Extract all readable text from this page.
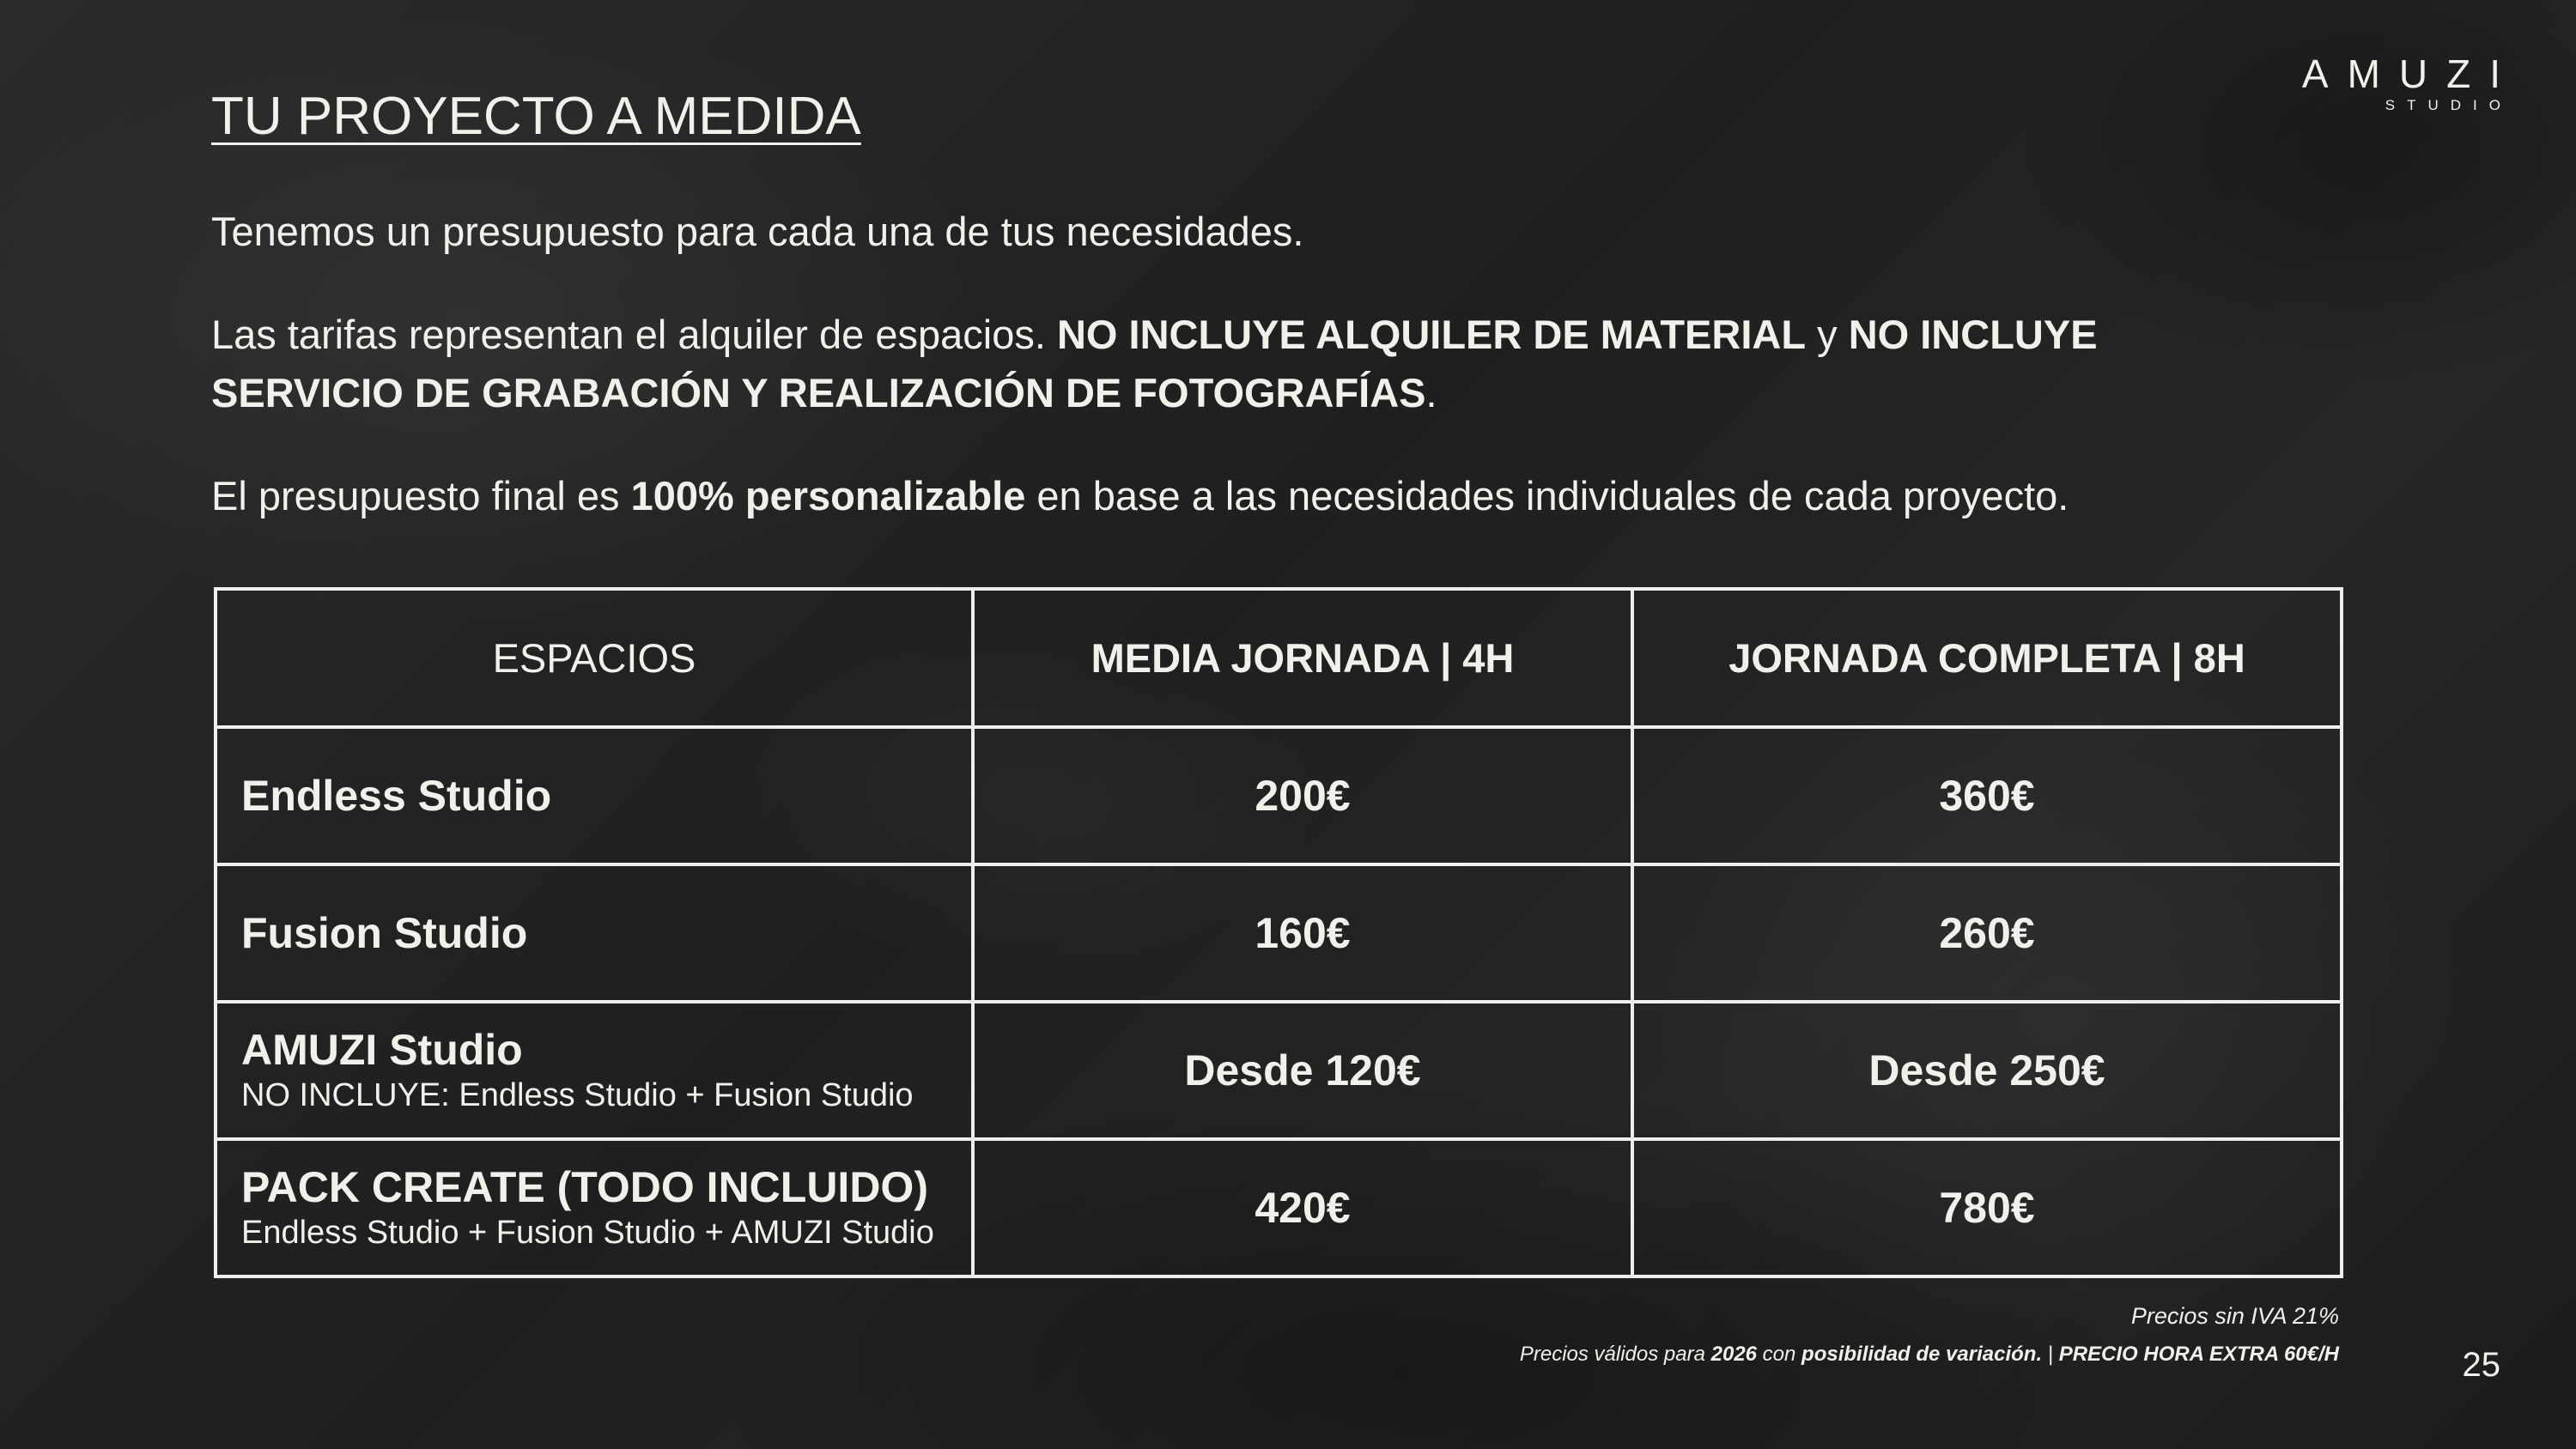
TU PROYECTO A MEDIDA
AMUZI
STUDIO

Tenemos un presupuesto para cada una de tus necesidades.

Las tarifas representan el alquiler de espacios. NO INCLUYE ALQUILER DE MATERIAL y NO INCLUYE SERVICIO DE GRABACIÓN Y REALIZACIÓN DE FOTOGRAFÍAS.

El presupuesto final es 100% personalizable en base a las necesidades individuales de cada proyecto.

ESPACIOS	MEDIA JORNADA | 4H	JORNADA COMPLETA | 8H

Endless Studio	200€	360€

Fusion Studio	160€	260€

AMUZI Studio
NO INCLUYE: Endless Studio + Fusion Studio	Desde 120€	Desde 250€

PACK CREATE (TODO INCLUIDO)
Endless Studio + Fusion Studio + AMUZI Studio	420€	780€
Precios sin IVA 21%
Precios válidos para 2026 con posibilidad de variación. | PRECIO HORA EXTRA 60€/H	25
